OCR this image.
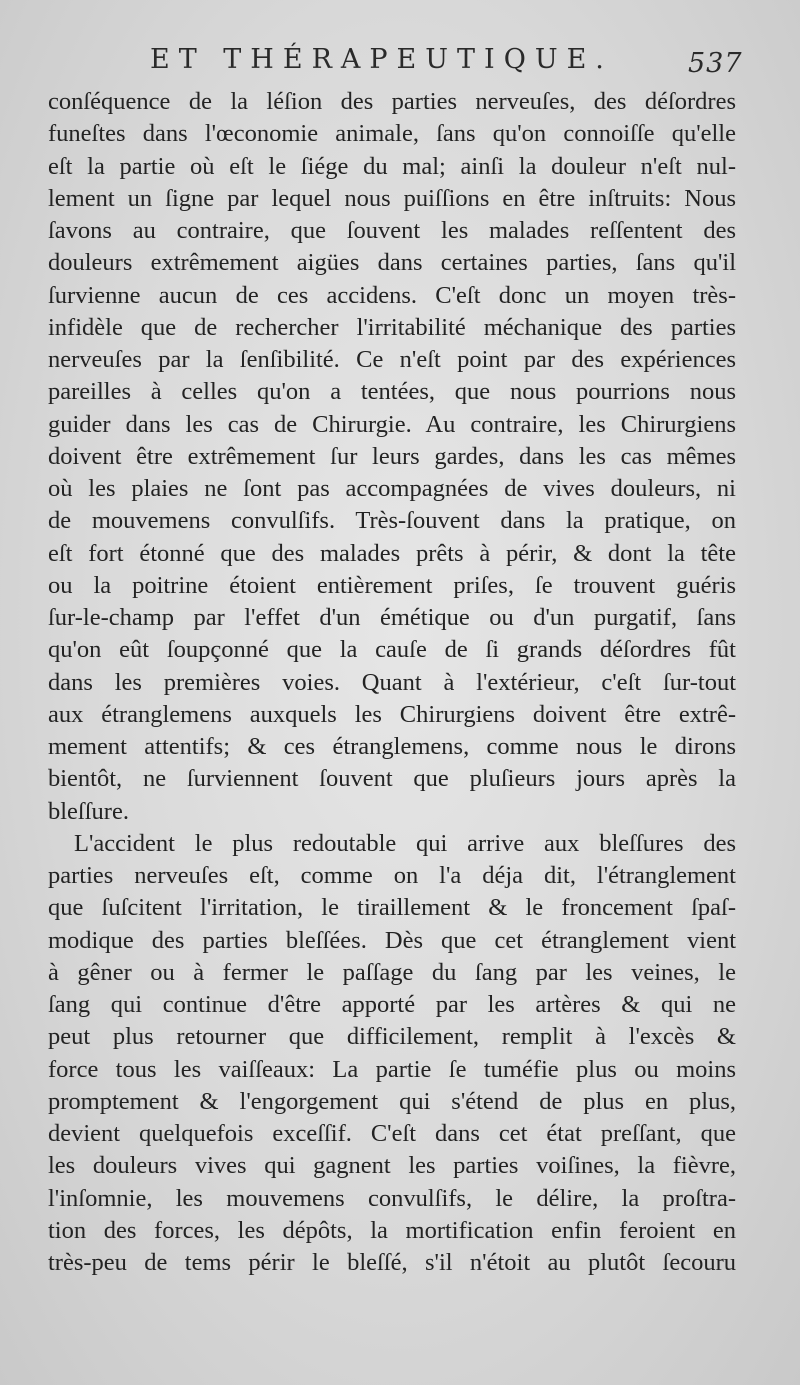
ET THÉRAPEUTIQUE.	537
conſéquence de la léſion des parties nerveuſes, des déſordres
funeſtes dans l'œconomie animale, ſans qu'on connoiſſe qu'elle
eſt la partie où eſt le ſiége du mal; ainſi la douleur n'eſt nul-
lement un ſigne par lequel nous puiſſions en être inſtruits: Nous
ſavons au contraire, que ſouvent les malades reſſentent des
douleurs extrêmement aigües dans certaines parties, ſans qu'il
ſurvienne aucun de ces accidens. C'eſt donc un moyen très-
infidèle que de rechercher l'irritabilité méchanique des parties
nerveuſes par la ſenſibilité. Ce n'eſt point par des expériences
pareilles à celles qu'on a tentées, que nous pourrions nous
guider dans les cas de Chirurgie. Au contraire, les Chirurgiens
doivent être extrêmement ſur leurs gardes, dans les cas mêmes
où les plaies ne ſont pas accompagnées de vives douleurs, ni
de mouvemens convulſifs. Très-ſouvent dans la pratique, on
eſt fort étonné que des malades prêts à périr, & dont la tête
ou la poitrine étoient entièrement priſes, ſe trouvent guéris
ſur-le-champ par l'effet d'un émétique ou d'un purgatif, ſans
qu'on eût ſoupçonné que la cauſe de ſi grands déſordres fût
dans les premières voies. Quant à l'extérieur, c'eſt ſur-tout
aux étranglemens auxquels les Chirurgiens doivent être extrê-
mement attentifs; & ces étranglemens, comme nous le dirons
bientôt, ne ſurviennent ſouvent que pluſieurs jours après la
bleſſure.
L'accident le plus redoutable qui arrive aux bleſſures des
parties nerveuſes eſt, comme on l'a déja dit, l'étranglement
que ſuſcitent l'irritation, le tiraillement & le froncement ſpaſ-
modique des parties bleſſées. Dès que cet étranglement vient
à gêner ou à fermer le paſſage du ſang par les veines, le
ſang qui continue d'être apporté par les artères & qui ne
peut plus retourner que difficilement, remplit à l'excès &
force tous les vaiſſeaux: La partie ſe tuméfie plus ou moins
promptement & l'engorgement qui s'étend de plus en plus,
devient quelquefois exceſſif. C'eſt dans cet état preſſant, que
les douleurs vives qui gagnent les parties voiſines, la fièvre,
l'inſomnie, les mouvemens convulſifs, le délire, la proſtra-
tion des forces, les dépôts, la mortification enfin feroient en
très-peu de tems périr le bleſſé, s'il n'étoit au plutôt ſecouru
